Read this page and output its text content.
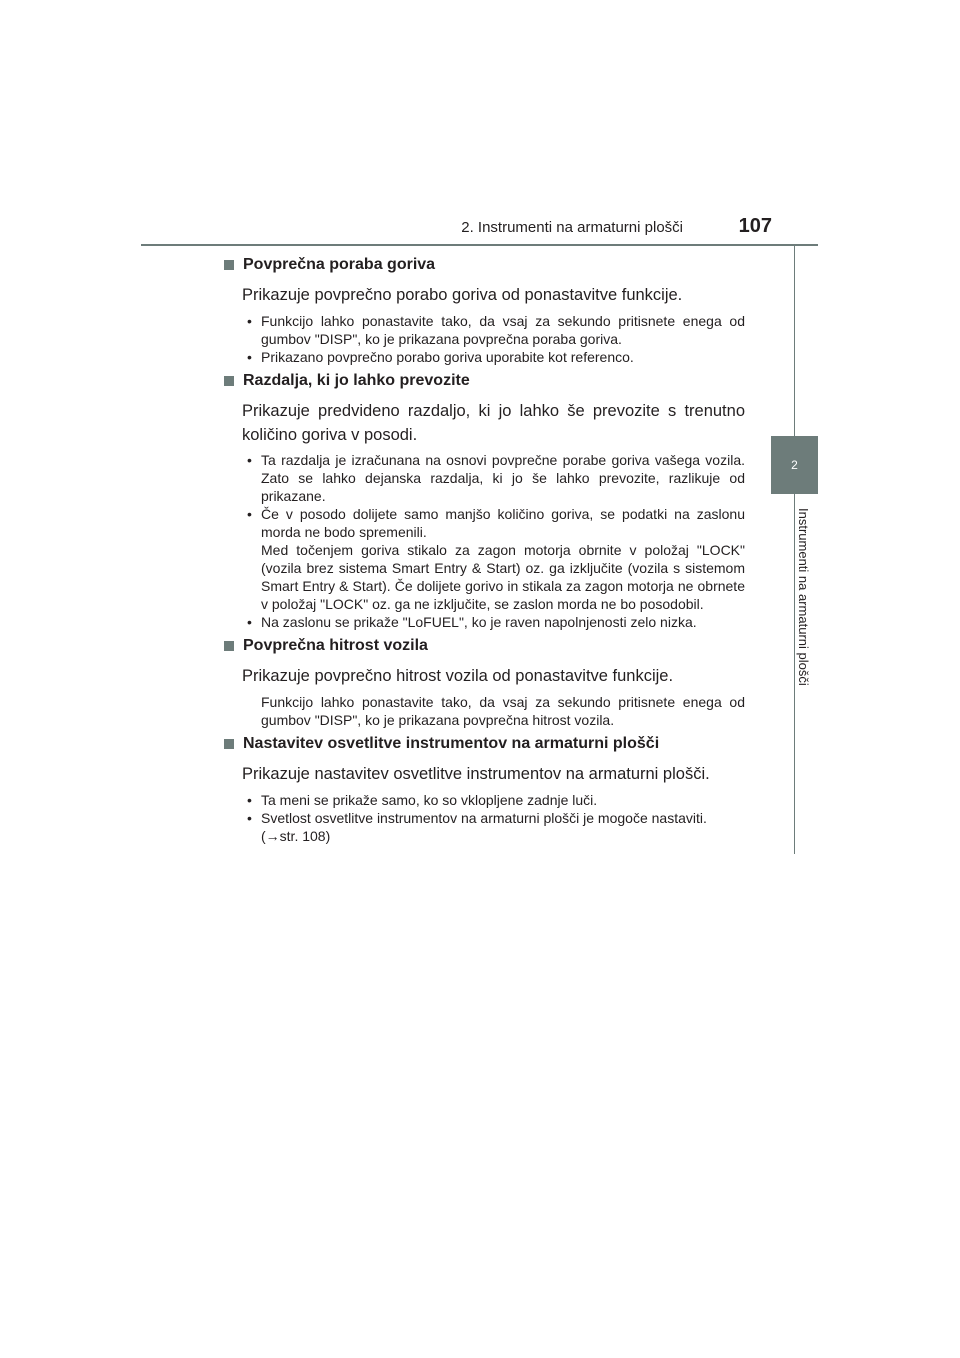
2. Instrumenti na armaturni plošči	107
2
Instrumenti na armaturni plošči
Povprečna poraba goriva

Prikazuje povprečno porabo goriva od ponastavitve funkcije.

• Funkcijo lahko ponastavite tako, da vsaj za sekundo pritisnete enega od gumbov "DISP", ko je prikazana povprečna poraba goriva.
• Prikazano povprečno porabo goriva uporabite kot referenco.
Razdalja, ki jo lahko prevozite

Prikazuje predvideno razdaljo, ki jo lahko še prevozite s trenutno količino goriva v posodi.

• Ta razdalja je izračunana na osnovi povprečne porabe goriva vašega vozila. Zato se lahko dejanska razdalja, ki jo še lahko prevozite, razlikuje od prikazane.
• Če v posodo dolijete samo manjšo količino goriva, se podatki na zaslonu morda ne bodo spremenili.
Med točenjem goriva stikalo za zagon motorja obrnite v položaj "LOCK" (vozila brez sistema Smart Entry & Start) oz. ga izključite (vozila s sistemom Smart Entry & Start). Če dolijete gorivo in stikala za zagon motorja ne obrnete v položaj "LOCK" oz. ga ne izključite, se zaslon morda ne bo posodobil.
• Na zaslonu se prikaže "LoFUEL", ko je raven napolnjenosti zelo nizka.
Povprečna hitrost vozila

Prikazuje povprečno hitrost vozila od ponastavitve funkcije.

Funkcijo lahko ponastavite tako, da vsaj za sekundo pritisnete enega od gumbov "DISP", ko je prikazana povprečna hitrost vozila.

Nastavitev osvetlitve instrumentov na armaturni plošči

Prikazuje nastavitev osvetlitve instrumentov na armaturni plošči.

• Ta meni se prikaže samo, ko so vklopljene zadnje luči.
• Svetlost osvetlitve instrumentov na armaturni plošči je mogoče nastaviti.
(→str. 108)
